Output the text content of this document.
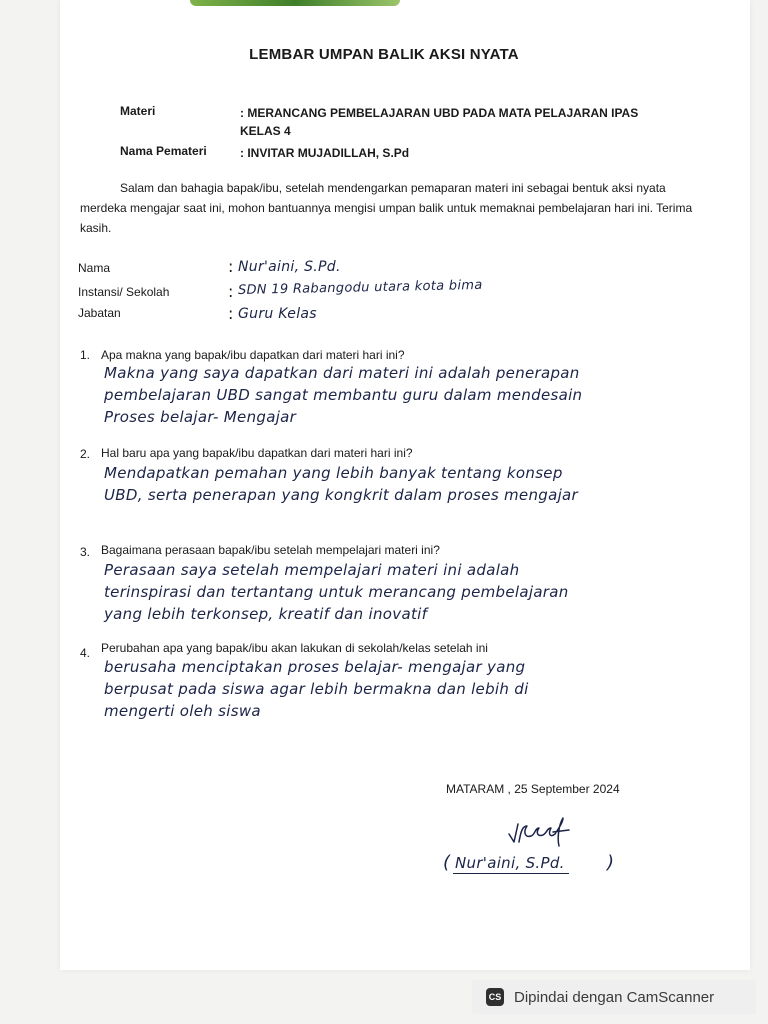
LEMBAR UMPAN BALIK AKSI NYATA
Materi	: MERANCANG PEMBELAJARAN UBD PADA MATA PELAJARAN IPAS
KELAS 4
Nama Pemateri	: INVITAR MUJADILLAH, S.Pd
Salam dan bahagia bapak/ibu, setelah mendengarkan pemaparan materi ini sebagai bentuk aksi nyata merdeka mengajar saat ini, mohon bantuannya mengisi umpan balik untuk memaknai pembelajaran hari ini. Terima kasih.
Nama	: Nur'aini, S.Pd.
Instansi/ Sekolah	: SDN 19 Rabangodu utara kota bima
Jabatan	: Guru Kelas
1. Apa makna yang bapak/ibu dapatkan dari materi hari ini?
Makna yang saya dapatkan dari materi ini adalah penerapan
pembelajaran UBD sangat membantu guru dalam mendesain
Proses belajar- Mengajar
2. Hal baru apa yang bapak/ibu dapatkan dari materi hari ini?
Mendapatkan pemahan yang lebih banyak tentang konsep
UBD, serta penerapan yang kongkrit dalam proses mengajar
3. Bagaimana perasaan bapak/ibu setelah mempelajari materi ini?
Perasaan saya setelah mempelajari materi ini adalah
terinspirasi dan tertantang untuk merancang pembelajaran
yang lebih terkonsep, kreatif dan inovatif
4. Perubahan apa yang bapak/ibu akan lakukan di sekolah/kelas setelah ini
berusaha menciptakan proses belajar- mengajar yang
berpusat pada siswa agar lebih bermakna dan lebih di
mengerti oleh siswa
MATARAM , 25 September 2024
( Nur'aini, S.Pd. )
CS Dipindai dengan CamScanner
